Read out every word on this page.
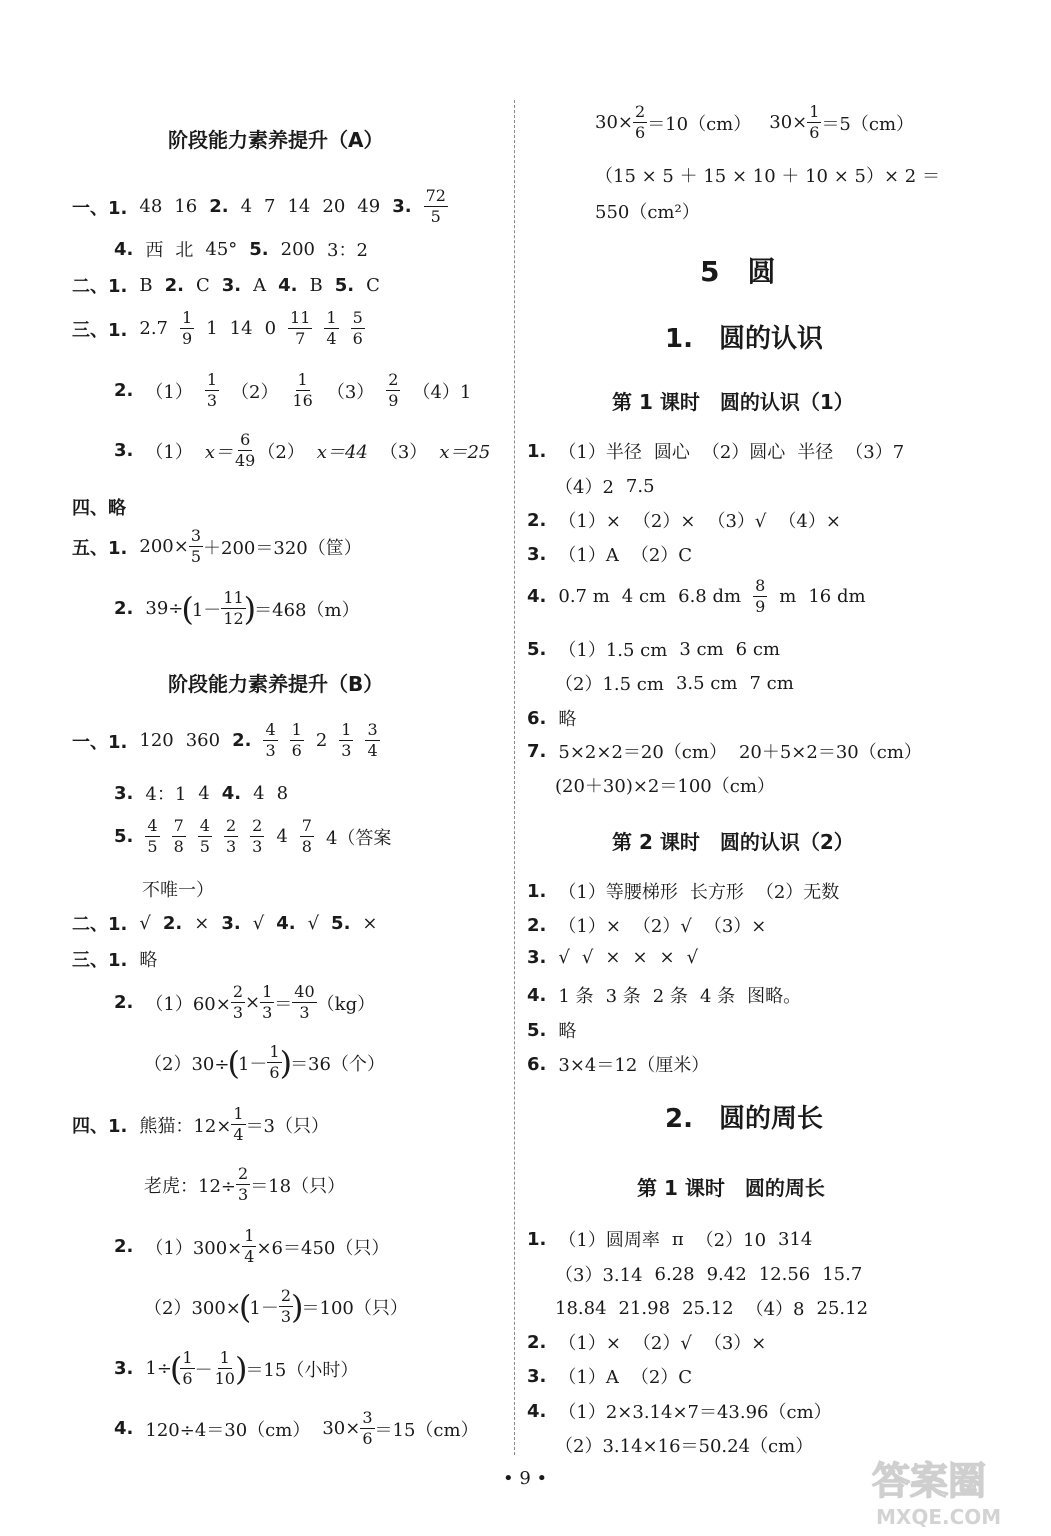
阶段能力素养提升（A）
一、1. 48 16 2. 4 7 14 20 49 3. $\frac{72}{5}$
4. 西 北 45° 5. 200 3：2
二、1. B 2. C 3. A 4. B 5. C
三、1. $2.7 \frac{1}{9} 1$ 14 $0 \frac{11}{7} \frac{1}{4} \frac{5}{6}$
2. $(1) \frac{1}{3} (2) \frac{1}{16} (3) \frac{2}{9} (4)1$
3. （1） $x= \frac{6}{49} (2)$ x＝44 （3） x＝25
四、略
五、1. $200\times \frac{3}{5} +200=320$（筐）
2. 39÷
(
$1- \frac{11}{12}$
)
＝468（m）
阶段能力素养提升（B）
一、1. 120 360 2. $\frac{4}{3} \frac{1}{6} 2 \frac{1}{3} \frac{3}{4}$
3. 4：1 4 4. 4 8
5. $\frac{4}{5} \frac{7}{8} \frac{4}{5} \frac{2}{3} \frac{2}{3} 4 \frac{7}{8} 4$（答案
不唯一）
二、1. √ 2. × 3. √ 4. √ 5. ×
三、1. 略
2. $(1)60\times \frac{2}{3} \times \frac{1}{3} = \frac{40}{3} (kg)$
（2）30÷
(
$1- \frac{1}{6}$
)
＝36（个）
四、1. 熊猫：$12\times \frac{1}{4} =3$（只）
老虎：$12\div \frac{2}{3} =18$（只）
2. $(1)300\times \frac{1}{4} \times 6=450$（只）
（2）300×
(
$1- \frac{2}{3}$
)
＝100（只）
3. 1÷
(
$\frac{1}{6} - \frac{1}{10}$
)
＝15（小时）
4. 120÷4＝30（cm） $30\times \frac{3}{6} =15(cm)$
$30\times \frac{2}{6} =10(cm)$ $30\times \frac{1}{6} =5(cm)$
（15 × 5 ＋ 15 × 10 ＋ 10 × 5）× 2 ＝
550（cm²）
5　圆
1.　圆的认识
第 1 课时　圆的认识（1）
1. （1）半径 圆心 （2）圆心 半径 （3）7
（4）2 7.5
2. （1）× （2）× （3）√ （4）×
3. （1）A （2）C
4. 0.7 m 4 cm 6.8 dm $\frac{8}{9}$ m 16 dm
5. （1）1.5 cm 3 cm 6 cm
（2）1.5 cm 3.5 cm 7 cm
6. 略
7. 5×2×2＝20（cm） 20＋5×2＝30（cm）
(20＋30)×2＝100（cm）
第 2 课时　圆的认识（2）
1. （1）等腰梯形 长方形 （2）无数
2. （1）× （2）√ （3）×
3. √ √ × × × √
4. 1 条 3 条 2 条 4 条 图略。
5. 略
6. 3×4＝12（厘米）
2.　圆的周长
第 1 课时　圆的周长
1. （1）圆周率 π （2）10 314
（3）3.14 6.28 9.42 12.56 15.7
18.84 21.98 25.12 （4）8 25.12
2. （1）× （2）√ （3）×
3. （1）A （2）C
4. （1）2×3.14×7＝43.96（cm）
（2）3.14×16＝50.24（cm）
• 9 •	答案圈
MXQE.COM
